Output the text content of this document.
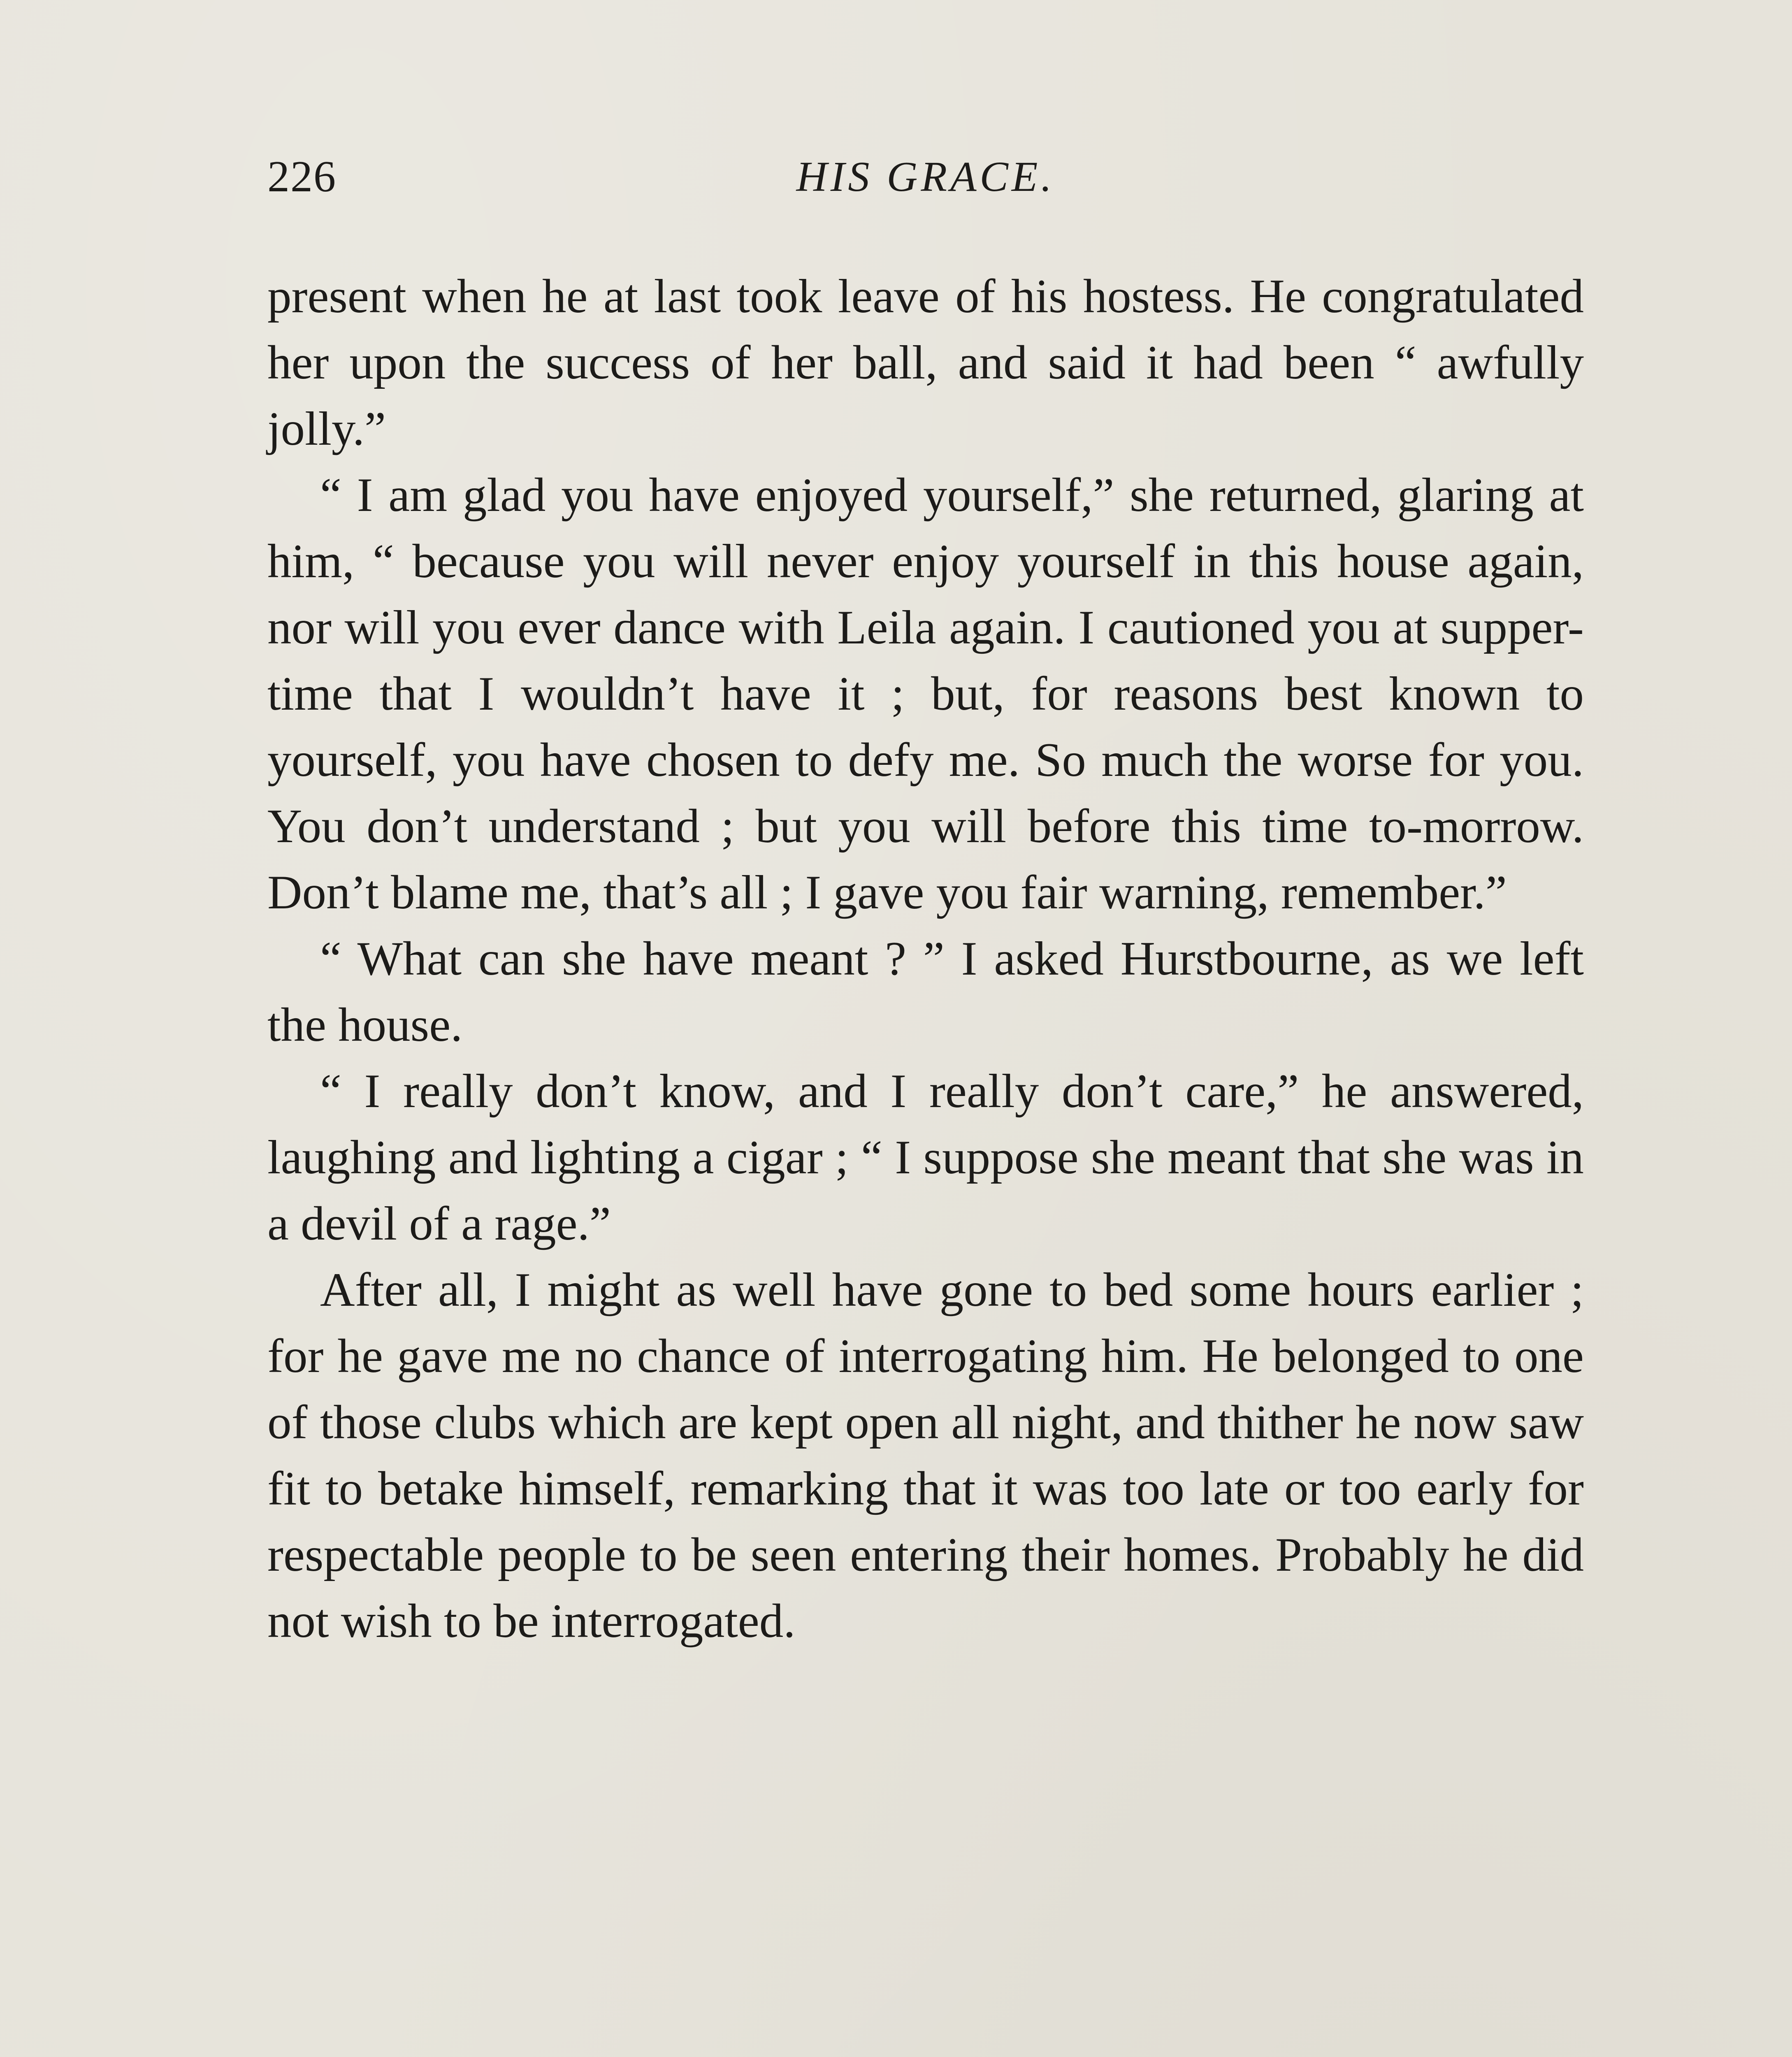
226	HIS GRACE.

present when he at last took leave of his hostess. He congratulated her upon the success of her ball, and said it had been “ awfully jolly.”

“ I am glad you have enjoyed yourself,” she returned, glaring at him, “ because you will never enjoy yourself in this house again, nor will you ever dance with Leila again. I cautioned you at supper-time that I wouldn’t have it ; but, for reasons best known to yourself, you have chosen to defy me. So much the worse for you. You don’t understand ; but you will before this time to-morrow. Don’t blame me, that’s all ; I gave you fair warning, remember.”

“ What can she have meant ? ” I asked Hurstbourne, as we left the house.

“ I really don’t know, and I really don’t care,” he answered, laughing and lighting a cigar ; “ I suppose she meant that she was in a devil of a rage.”

After all, I might as well have gone to bed some hours earlier ; for he gave me no chance of interrogating him. He belonged to one of those clubs which are kept open all night, and thither he now saw fit to betake himself, remarking that it was too late or too early for respectable people to be seen entering their homes. Probably he did not wish to be interrogated.
